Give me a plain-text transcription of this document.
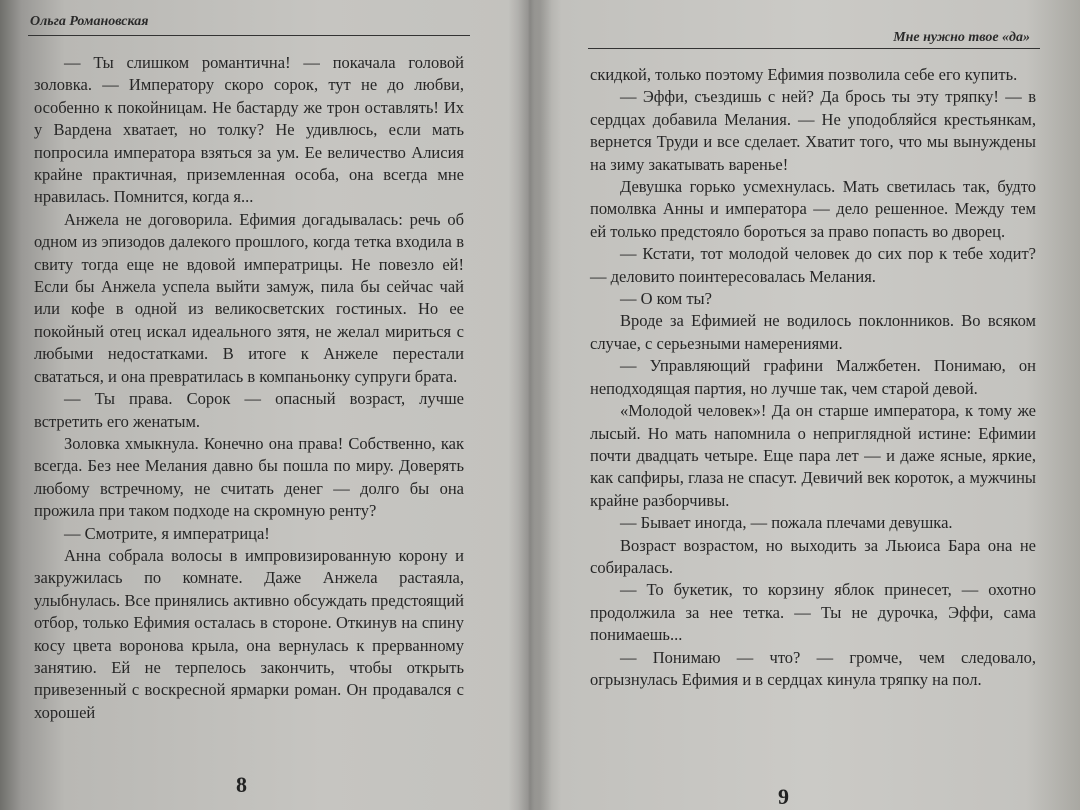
Ольга Романовская

— Ты слишком романтична! — покачала головой золовка. — Императору скоро сорок, тут не до любви, особенно к покойницам. Не бастарду же трон оставлять! Их у Вардена хватает, но толку? Не удивлюсь, если мать попросила императора взяться за ум. Ее величество Алисия крайне практичная, приземленная особа, она всегда мне нравилась. Помнится, когда я...

Анжела не договорила. Ефимия догадывалась: речь об одном из эпизодов далекого прошлого, когда тетка входила в свиту тогда еще не вдовой императрицы. Не повезло ей! Если бы Анжела успела выйти замуж, пила бы сейчас чай или кофе в одной из великосветских гостиных. Но ее покойный отец искал идеального зятя, не желал мириться с любыми недостатками. В итоге к Анжеле перестали свататься, и она превратилась в компаньонку супруги брата.

— Ты права. Сорок — опасный возраст, лучше встретить его женатым.

Золовка хмыкнула. Конечно она права! Собственно, как всегда. Без нее Мелания давно бы пошла по миру. Доверять любому встречному, не считать денег — долго бы она прожила при таком подходе на скромную ренту?

— Смотрите, я императрица!

Анна собрала волосы в импровизированную корону и закружилась по комнате. Даже Анжела растаяла, улыбнулась. Все принялись активно обсуждать предстоящий отбор, только Ефимия осталась в стороне. Откинув на спину косу цвета воронова крыла, она вернулась к прерванному занятию. Ей не терпелось закончить, чтобы открыть привезенный с воскресной ярмарки роман. Он продавался с хорошей

8
Мне нужно твое «да»

скидкой, только поэтому Ефимия позволила себе его купить.

— Эффи, съездишь с ней? Да брось ты эту тряпку! — в сердцах добавила Мелания. — Не уподобляйся крестьянкам, вернется Труди и все сделает. Хватит того, что мы вынуждены на зиму закатывать варенье!

Девушка горько усмехнулась. Мать светилась так, будто помолвка Анны и императора — дело решенное. Между тем ей только предстояло бороться за право попасть во дворец.

— Кстати, тот молодой человек до сих пор к тебе ходит? — деловито поинтересовалась Мелания.

— О ком ты?

Вроде за Ефимией не водилось поклонников. Во всяком случае, с серьезными намерениями.

— Управляющий графини Малжбетен. Понимаю, он неподходящая партия, но лучше так, чем старой девой.

«Молодой человек»! Да он старше императора, к тому же лысый. Но мать напомнила о неприглядной истине: Ефимии почти двадцать четыре. Еще пара лет — и даже ясные, яркие, как сапфиры, глаза не спасут. Девичий век короток, а мужчины крайне разборчивы.

— Бывает иногда, — пожала плечами девушка.

Возраст возрастом, но выходить за Льюиса Бара она не собиралась.

— То букетик, то корзину яблок принесет, — охотно продолжила за нее тетка. — Ты не дурочка, Эффи, сама понимаешь...

— Понимаю — что? — громче, чем следовало, огрызнулась Ефимия и в сердцах кинула тряпку на пол.

9
